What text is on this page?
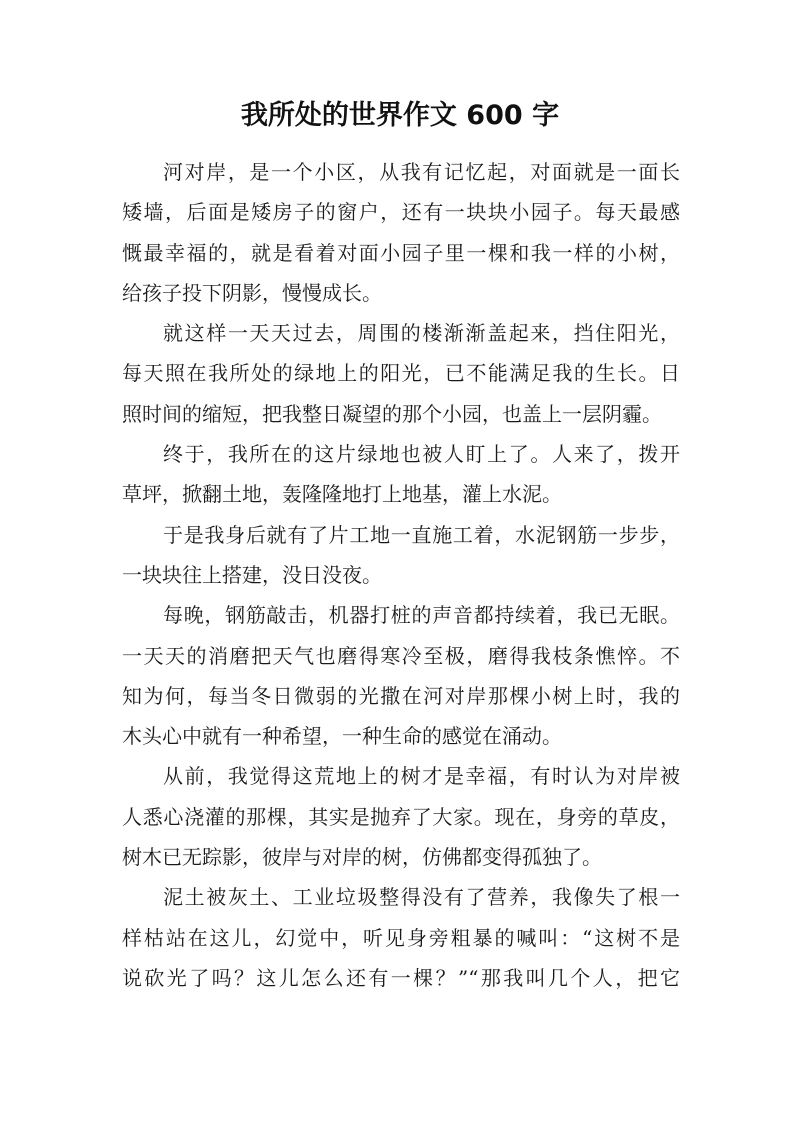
我所处的世界作文 600 字
河对岸，是一个小区，从我有记忆起，对面就是一面长
矮墙，后面是矮房子的窗户，还有一块块小园子。每天最感
慨最幸福的，就是看着对面小园子里一棵和我一样的小树，
给孩子投下阴影，慢慢成长。
就这样一天天过去，周围的楼渐渐盖起来，挡住阳光，
每天照在我所处的绿地上的阳光，已不能满足我的生长。日
照时间的缩短，把我整日凝望的那个小园，也盖上一层阴霾。
终于，我所在的这片绿地也被人盯上了。人来了，拨开
草坪，掀翻土地，轰隆隆地打上地基，灌上水泥。
于是我身后就有了片工地一直施工着，水泥钢筋一步步，
一块块往上搭建，没日没夜。
每晚，钢筋敲击，机器打桩的声音都持续着，我已无眠。
一天天的消磨把天气也磨得寒冷至极，磨得我枝条憔悴。不
知为何，每当冬日微弱的光撒在河对岸那棵小树上时，我的
木头心中就有一种希望，一种生命的感觉在涌动。
从前，我觉得这荒地上的树才是幸福，有时认为对岸被
人悉心浇灌的那棵，其实是抛弃了大家。现在，身旁的草皮，
树木已无踪影，彼岸与对岸的树，仿佛都变得孤独了。
泥土被灰土、工业垃圾整得没有了营养，我像失了根一
样枯站在这儿，幻觉中，听见身旁粗暴的喊叫：“这树不是
说砍光了吗？这儿怎么还有一棵？”“那我叫几个人，把它
